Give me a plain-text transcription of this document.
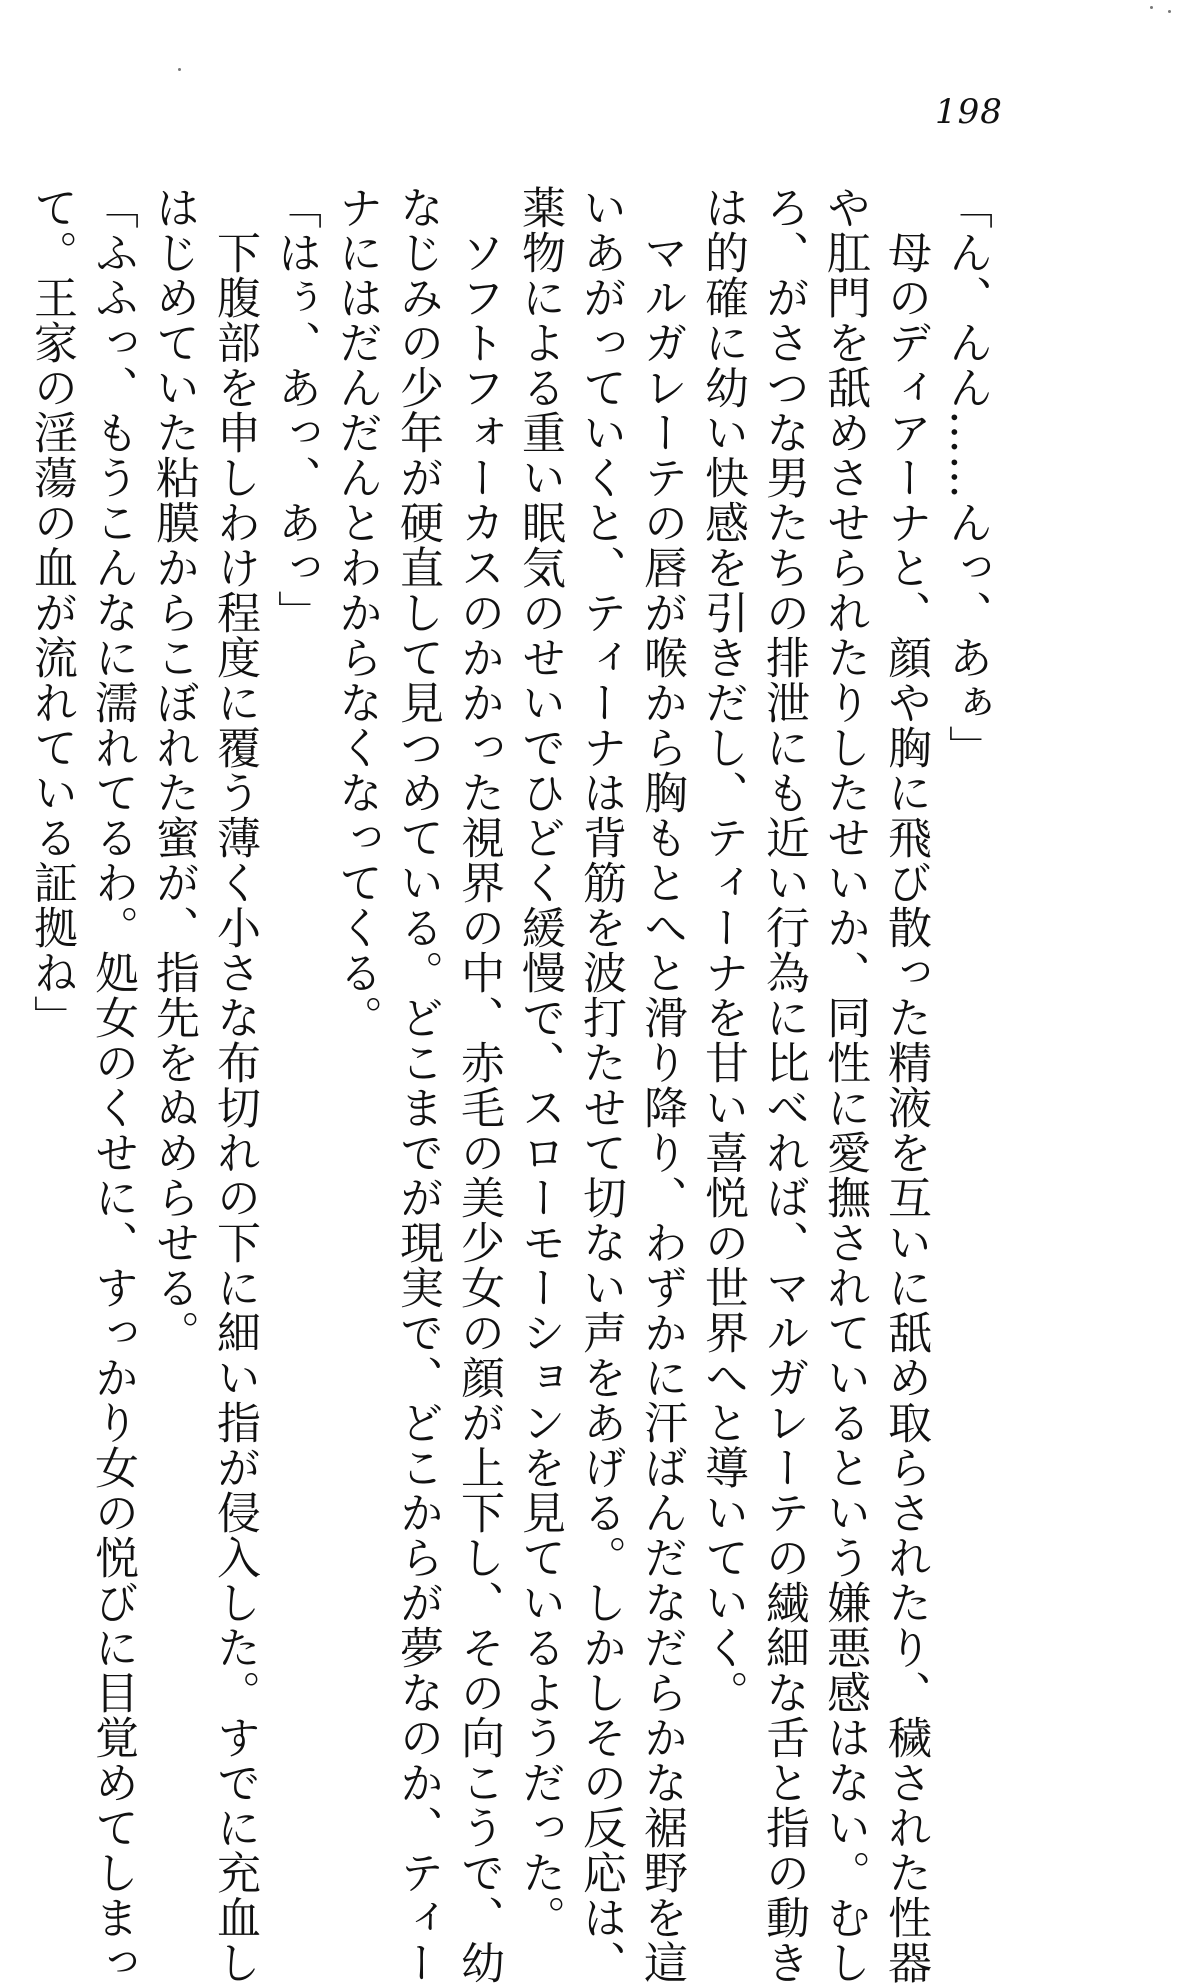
198
「ん、んん……んっ、あぁ」
　母のディアーナと、顔や胸に飛び散った精液を互いに舐め取らされたり、穢された性器
や肛門を舐めさせられたりしたせいか、同性に愛撫されているという嫌悪感はない。むし
ろ、がさつな男たちの排泄にも近い行為に比べれば、マルガレーテの繊細な舌と指の動き
は的確に幼い快感を引きだし、ティーナを甘い喜悦の世界へと導いていく。
　マルガレーテの唇が喉から胸もとへと滑り降り、わずかに汗ばんだなだらかな裾野を這
いあがっていくと、ティーナは背筋を波打たせて切ない声をあげる。しかしその反応は、
薬物による重い眠気のせいでひどく緩慢で、スローモーションを見ているようだった。
　ソフトフォーカスのかかった視界の中、赤毛の美少女の顔が上下し、その向こうで、幼
なじみの少年が硬直して見つめている。どこまでが現実で、どこからが夢なのか、ティー
ナにはだんだんとわからなくなってくる。
「はぅ、あっ、あっ」
　下腹部を申しわけ程度に覆う薄く小さな布切れの下に細い指が侵入した。すでに充血し
はじめていた粘膜からこぼれた蜜が、指先をぬめらせる。
「ふふっ、もうこんなに濡れてるわ。処女のくせに、すっかり女の悦びに目覚めてしまっ
て。王家の淫蕩の血が流れている証拠ね」
